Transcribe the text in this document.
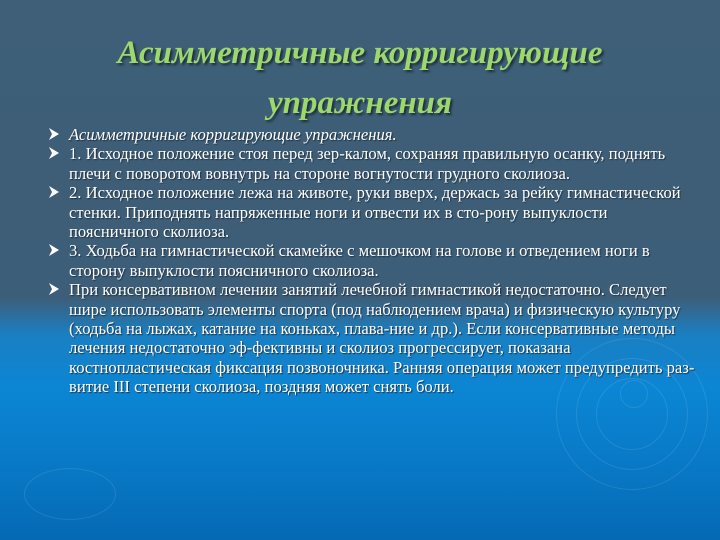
Асимметричные корригирующие упражнения
Асимметричные корригирующие упражнения.
1. Исходное положение стоя перед зер-калом, сохраняя правильную осанку, поднять плечи с поворотом вовнутрь на стороне вогнутости грудного сколиоза.
2. Исходное положение лежа на животе, руки вверх, держась за рейку гимнастической стенки. Приподнять напряженные ноги и отвести их в сто-рону выпуклости поясничного сколиоза.
3. Ходьба на гимнастической скамейке с мешочком на голове и отведением ноги в сторону выпуклости поясничного сколиоза.
При консервативном лечении занятий лечебной гимнастикой недостаточно. Следует шире использовать элементы спорта (под наблюдением врача) и физическую культуру (ходьба на лыжах, катание на коньках, плава-ние и др.). Если консервативные методы лечения недостаточно эф-фективны и сколиоз прогрессирует, показана костнопластическая фиксация позвоночника. Ранняя операция может предупредить раз-витие III степени сколиоза, поздняя может снять боли.
